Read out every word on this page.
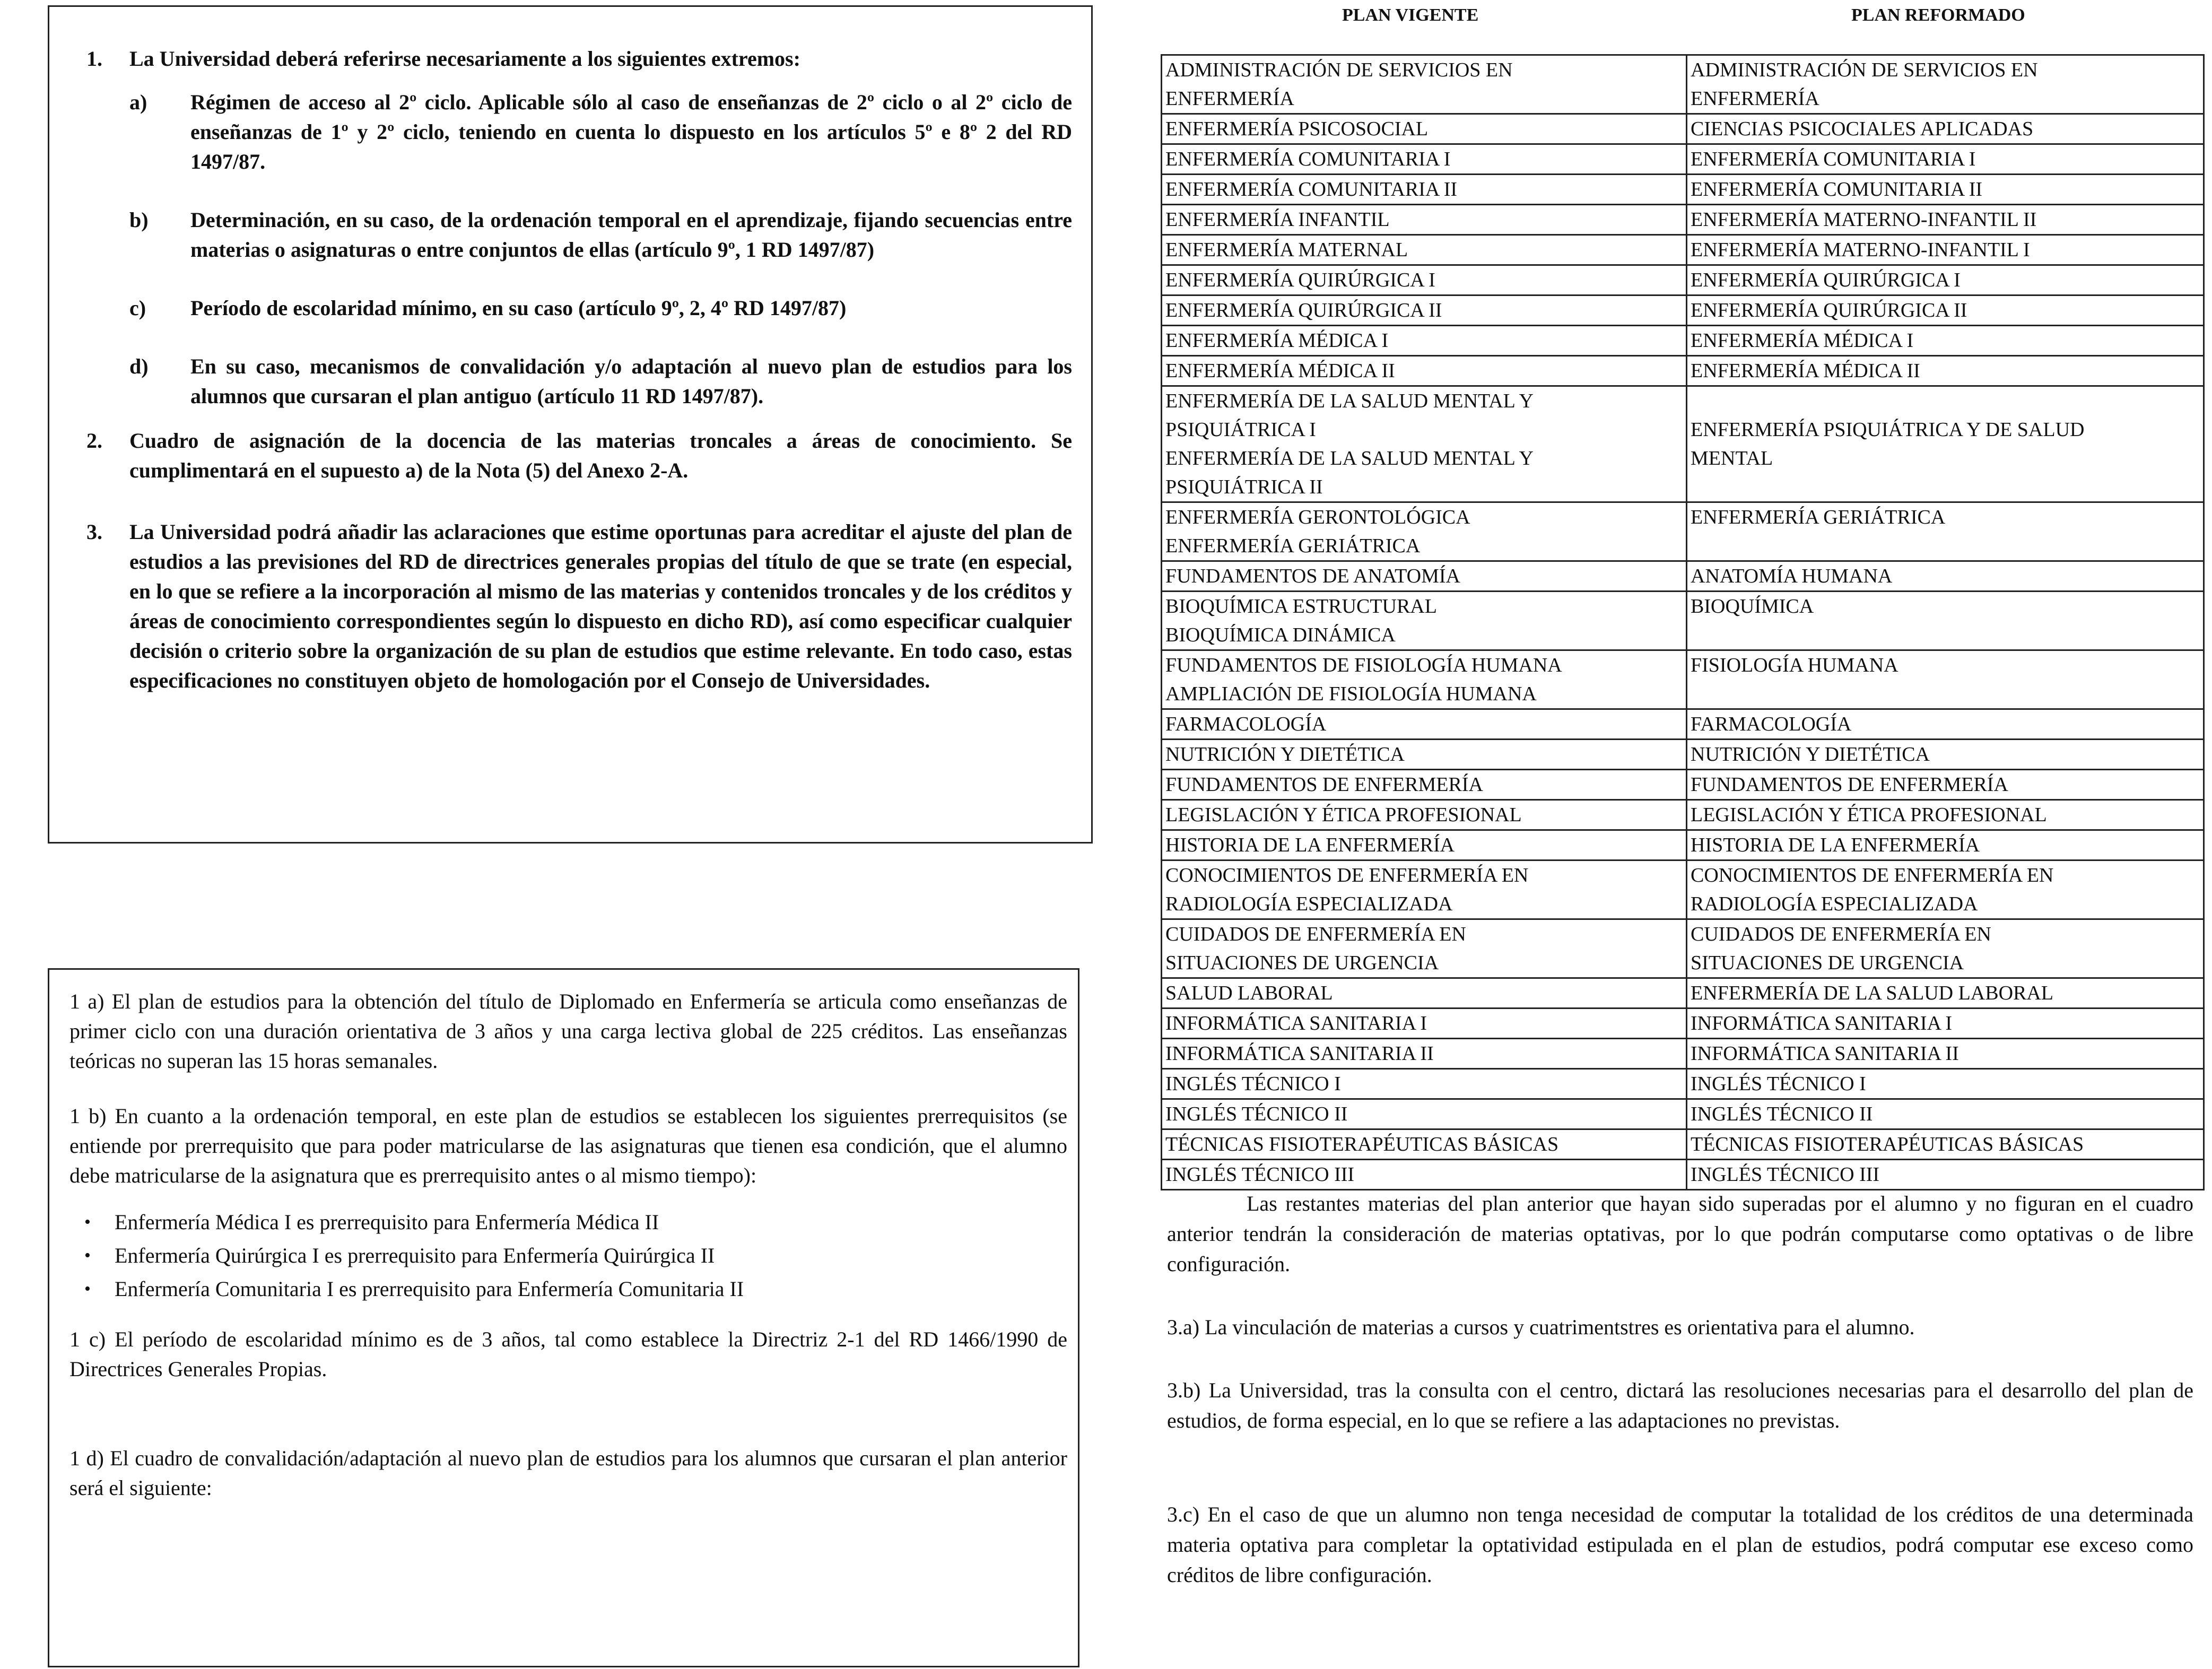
1. La Universidad deberá referirse necesariamente a los siguientes extremos:
a) Régimen de acceso al 2º ciclo. Aplicable sólo al caso de enseñanzas de 2º ciclo o al 2º ciclo de enseñanzas de 1º y 2º ciclo, teniendo en cuenta lo dispuesto en los artículos 5º e 8º 2 del RD 1497/87.
b) Determinación, en su caso, de la ordenación temporal en el aprendizaje, fijando secuencias entre materias o asignaturas o entre conjuntos de ellas (artículo 9º, 1 RD 1497/87)
c) Período de escolaridad mínimo, en su caso (artículo 9º, 2, 4º RD 1497/87)
d) En su caso, mecanismos de convalidación y/o adaptación al nuevo plan de estudios para los alumnos que cursaran el plan antiguo (artículo 11 RD 1497/87).
2. Cuadro de asignación de la docencia de las materias troncales a áreas de conocimiento. Se cumplimentará en el supuesto a) de la Nota (5) del Anexo 2-A.
3. La Universidad podrá añadir las aclaraciones que estime oportunas para acreditar el ajuste del plan de estudios a las previsiones del RD de directrices generales propias del título de que se trate (en especial, en lo que se refiere a la incorporación al mismo de las materias y contenidos troncales y de los créditos y áreas de conocimiento correspondientes según lo dispuesto en dicho RD), así como especificar cualquier decisión o criterio sobre la organización de su plan de estudios que estime relevante. En todo caso, estas especificaciones no constituyen objeto de homologación por el Consejo de Universidades.

1 a) El plan de estudios para la obtención del título de Diplomado en Enfermería se articula como enseñanzas de primer ciclo con una duración orientativa de 3 años y una carga lectiva global de 225 créditos. Las enseñanzas teóricas no superan las 15 horas semanales.

1 b) En cuanto a la ordenación temporal, en este plan de estudios se establecen los siguientes prerrequisitos (se entiende por prerrequisito que para poder matricularse de las asignaturas que tienen esa condición, que el alumno debe matricularse de la asignatura que es prerrequisito antes o al mismo tiempo):

• Enfermería Médica I es prerrequisito para Enfermería Médica II
• Enfermería Quirúrgica I es prerrequisito para Enfermería Quirúrgica II
• Enfermería Comunitaria I es prerrequisito para Enfermería Comunitaria II

1 c) El período de escolaridad mínimo es de 3 años, tal como establece la Directriz 2-1 del RD 1466/1990 de Directrices Generales Propias.

1 d) El cuadro de convalidación/adaptación al nuevo plan de estudios para los alumnos que cursaran el plan anterior será el siguiente:

PLAN VIGENTE	PLAN REFORMADO
ADMINISTRACIÓN DE SERVICIOS EN
ENFERMERÍA	ADMINISTRACIÓN DE SERVICIOS EN
ENFERMERÍA

ENFERMERÍA PSICOSOCIAL	CIENCIAS PSICOCIALES APLICADAS

ENFERMERÍA COMUNITARIA I	ENFERMERÍA COMUNITARIA I

ENFERMERÍA COMUNITARIA II	ENFERMERÍA COMUNITARIA II

ENFERMERÍA INFANTIL	ENFERMERÍA MATERNO-INFANTIL II

ENFERMERÍA MATERNAL	ENFERMERÍA MATERNO-INFANTIL I

ENFERMERÍA QUIRÚRGICA I	ENFERMERÍA QUIRÚRGICA I

ENFERMERÍA QUIRÚRGICA II	ENFERMERÍA QUIRÚRGICA II

ENFERMERÍA MÉDICA I	ENFERMERÍA MÉDICA I

ENFERMERÍA MÉDICA II	ENFERMERÍA MÉDICA II

ENFERMERÍA DE LA SALUD MENTAL Y
PSIQUIÁTRICA I
ENFERMERÍA DE LA SALUD MENTAL Y
PSIQUIÁTRICA II	ENFERMERÍA PSIQUIÁTRICA Y DE SALUD
MENTAL

ENFERMERÍA GERONTOLÓGICA
ENFERMERÍA GERIÁTRICA	ENFERMERÍA GERIÁTRICA

FUNDAMENTOS DE ANATOMÍA	ANATOMÍA HUMANA

BIOQUÍMICA ESTRUCTURAL
BIOQUÍMICA DINÁMICA	BIOQUÍMICA

FUNDAMENTOS DE FISIOLOGÍA HUMANA
AMPLIACIÓN DE FISIOLOGÍA HUMANA	FISIOLOGÍA HUMANA

FARMACOLOGÍA	FARMACOLOGÍA

NUTRICIÓN Y DIETÉTICA	NUTRICIÓN Y DIETÉTICA

FUNDAMENTOS DE ENFERMERÍA	FUNDAMENTOS DE ENFERMERÍA

LEGISLACIÓN Y ÉTICA PROFESIONAL	LEGISLACIÓN Y ÉTICA PROFESIONAL

HISTORIA DE LA ENFERMERÍA	HISTORIA DE LA ENFERMERÍA

CONOCIMIENTOS DE ENFERMERÍA EN
RADIOLOGÍA ESPECIALIZADA	CONOCIMIENTOS DE ENFERMERÍA EN
RADIOLOGÍA ESPECIALIZADA

CUIDADOS DE ENFERMERÍA EN
SITUACIONES DE URGENCIA	CUIDADOS DE ENFERMERÍA EN
SITUACIONES DE URGENCIA

SALUD LABORAL	ENFERMERÍA DE LA SALUD LABORAL

INFORMÁTICA SANITARIA I	INFORMÁTICA SANITARIA I

INFORMÁTICA SANITARIA II	INFORMÁTICA SANITARIA II

INGLÉS TÉCNICO I	INGLÉS TÉCNICO I

INGLÉS TÉCNICO II	INGLÉS TÉCNICO II

TÉCNICAS FISIOTERAPÉUTICAS BÁSICAS	TÉCNICAS FISIOTERAPÉUTICAS BÁSICAS

INGLÉS TÉCNICO III	INGLÉS TÉCNICO III

Las restantes materias del plan anterior que hayan sido superadas por el alumno y no figuran en el cuadro anterior tendrán la consideración de materias optativas, por lo que podrán computarse como optativas o de libre configuración.

3.a) La vinculación de materias a cursos y cuatrimentstres es orientativa para el alumno.

3.b) La Universidad, tras la consulta con el centro, dictará las resoluciones necesarias para el desarrollo del plan de estudios, de forma especial, en lo que se refiere a las adaptaciones no previstas.

3.c) En el caso de que un alumno non tenga necesidad de computar la totalidad de los créditos de una determinada materia optativa para completar la optatividad estipulada en el plan de estudios, podrá computar ese exceso como créditos de libre configuración.
